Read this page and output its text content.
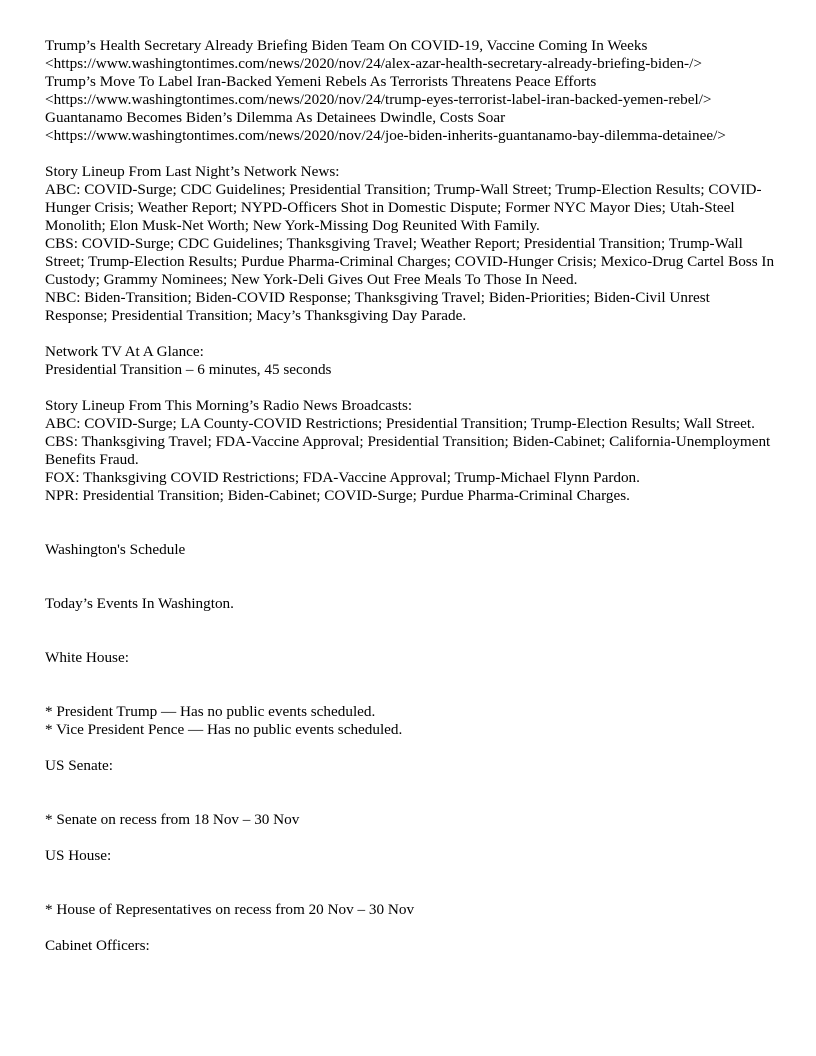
Trump’s Health Secretary Already Briefing Biden Team On COVID-19, Vaccine Coming In Weeks
<https://www.washingtontimes.com/news/2020/nov/24/alex-azar-health-secretary-already-briefing-biden-/>
Trump’s Move To Label Iran-Backed Yemeni Rebels As Terrorists Threatens Peace Efforts
<https://www.washingtontimes.com/news/2020/nov/24/trump-eyes-terrorist-label-iran-backed-yemen-rebel/>
Guantanamo Becomes Biden’s Dilemma As Detainees Dwindle, Costs Soar
<https://www.washingtontimes.com/news/2020/nov/24/joe-biden-inherits-guantanamo-bay-dilemma-detainee/>
Story Lineup From Last Night’s Network News:
ABC: COVID-Surge; CDC Guidelines; Presidential Transition; Trump-Wall Street; Trump-Election Results; COVID-Hunger Crisis; Weather Report; NYPD-Officers Shot in Domestic Dispute; Former NYC Mayor Dies; Utah-Steel Monolith; Elon Musk-Net Worth; New York-Missing Dog Reunited With Family.
CBS: COVID-Surge; CDC Guidelines; Thanksgiving Travel; Weather Report; Presidential Transition; Trump-Wall Street; Trump-Election Results; Purdue Pharma-Criminal Charges; COVID-Hunger Crisis; Mexico-Drug Cartel Boss In Custody; Grammy Nominees; New York-Deli Gives Out Free Meals To Those In Need.
NBC: Biden-Transition; Biden-COVID Response; Thanksgiving Travel; Biden-Priorities; Biden-Civil Unrest Response; Presidential Transition; Macy’s Thanksgiving Day Parade.
Network TV At A Glance:
Presidential Transition – 6 minutes, 45 seconds
Story Lineup From This Morning’s Radio News Broadcasts:
ABC: COVID-Surge; LA County-COVID Restrictions; Presidential Transition; Trump-Election Results; Wall Street.
CBS: Thanksgiving Travel; FDA-Vaccine Approval; Presidential Transition; Biden-Cabinet; California-Unemployment Benefits Fraud.
FOX: Thanksgiving COVID Restrictions; FDA-Vaccine Approval; Trump-Michael Flynn Pardon.
NPR: Presidential Transition; Biden-Cabinet; COVID-Surge; Purdue Pharma-Criminal Charges.
Washington's Schedule
Today’s Events In Washington.
White House:
* President Trump — Has no public events scheduled.
* Vice President Pence — Has no public events scheduled.
US Senate:
* Senate on recess from 18 Nov – 30 Nov
US House:
* House of Representatives on recess from 20 Nov – 30 Nov
Cabinet Officers:
